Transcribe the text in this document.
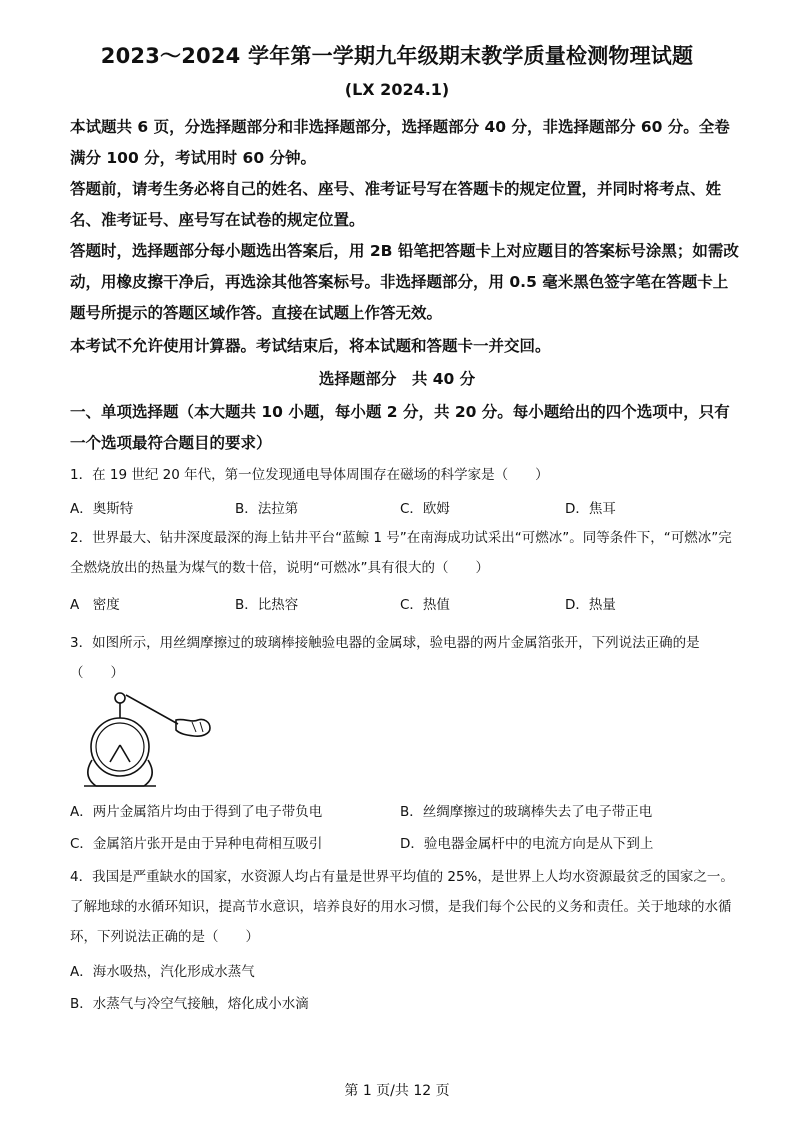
2023～2024 学年第一学期九年级期末教学质量检测物理试题
(LX 2024.1)
本试题共 6 页，分选择题部分和非选择题部分，选择题部分 40 分，非选择题部分 60 分。全卷满分 100 分，考试用时 60 分钟。
答题前，请考生务必将自己的姓名、座号、准考证号写在答题卡的规定位置，并同时将考点、姓名、准考证号、座号写在试卷的规定位置。
答题时，选择题部分每小题选出答案后，用 2B 铅笔把答题卡上对应题目的答案标号涂黑；如需改动，用橡皮擦干净后，再选涂其他答案标号。非选择题部分，用 0.5 毫米黑色签字笔在答题卡上题号所提示的答题区域作答。直接在试题上作答无效。
本考试不允许使用计算器。考试结束后，将本试题和答题卡一并交回。
选择题部分　共 40 分
一、单项选择题（本大题共 10 小题，每小题 2 分，共 20 分。每小题给出的四个选项中，只有一个选项最符合题目的要求）
1．在 19 世纪 20 年代，第一位发现通电导体周围存在磁场的科学家是（　　）
A．奥斯特	B．法拉第	C．欧姆	D．焦耳
2．世界最大、钻井深度最深的海上钻井平台“蓝鲸 1 号”在南海成功试采出“可燃冰”。同等条件下，“可燃冰”完全燃烧放出的热量为煤气的数十倍，说明“可燃冰”具有很大的（　　）
A　密度	B．比热容	C．热值	D．热量
3．如图所示，用丝绸摩擦过的玻璃棒接触验电器的金属球，验电器的两片金属箔张开，下列说法正确的是（　　）
A．两片金属箔片均由于得到了电子带负电	B．丝绸摩擦过的玻璃棒失去了电子带正电
C．金属箔片张开是由于异种电荷相互吸引	D．验电器金属杆中的电流方向是从下到上
4．我国是严重缺水的国家，水资源人均占有量是世界平均值的 25%，是世界上人均水资源最贫乏的国家之一。了解地球的水循环知识，提高节水意识，培养良好的用水习惯，是我们每个公民的义务和责任。关于地球的水循环，下列说法正确的是（　　）
A．海水吸热，汽化形成水蒸气
B．水蒸气与冷空气接触，熔化成小水滴
第 1 页/共 12 页
